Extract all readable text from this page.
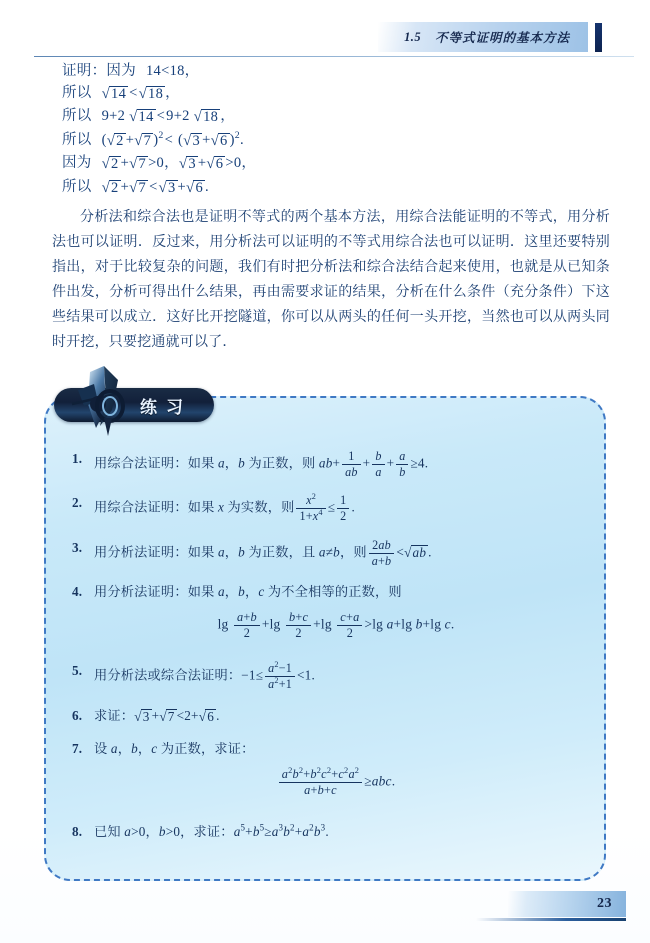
1.5 不等式证明的基本方法
证明：因为 14<18，
所以 √ 14 < √ 18 ，
所以 9+2 √ 14 <9+2 √ 18 ，
所以 ( √ 2 + √ 7 )$^2$< ( √ 3 + √ 6 )$^2$.
因为 √ 2 + √ 7 >0， √ 3 + √ 6 >0，
所以 √ 2 + √ 7 < √ 3 + √ 6 .

分析法和综合法也是证明不等式的两个基本方法，用综合法能证明的不等式，用分析法也可以证明．反过来，用分析法可以证明的不等式用综合法也可以证明．这里还要特别指出，对于比较复杂的问题，我们有时把分析法和综合法结合起来使用，也就是从已知条件出发，分析可得出什么结果，再由需要求证的结果，分析在什么条件（充分条件）下这些结果可以成立．这好比开挖隧道，你可以从两头的任何一头开挖，当然也可以从两头同时开挖，只要挖通就可以了．

练习
1. 用综合法证明：如果 a，b 为正数，则 $ab+ \frac{1}{ab} + \frac{b}{a} + \frac{a}{b} \ge 4$.
2. 用综合法证明：如果 x 为实数，则 $\frac{x^2}{1+x^4} \le \frac{1}{2}$ .
3. 用分析法证明：如果 a，b 为正数，且 a≠b，则 $\frac{2ab}{a+b}$ < √ ab .
4. 用分析法证明：如果 a，b，c 为不全相等的正数，则
$\lg \frac{a+b}{2} +\lg \frac{b+c}{2} +\lg \frac{c+a}{2} >\lg$ a+lg b+lg c.
5. 用分析法或综合法证明：$-1\le \frac{a^2-1}{a^2+1} <1$.
6. 求证： √ 3 + √ 7 <2+ √ 6 .
7. 设 a，b，c 为正数，求证：
$\frac{a^2b^2+b^2c^2+c^2a^2}{a+b+c} \ge abc$.
8. 已知 a>0，b>0，求证：$a^5+b^5\ge a^3b^2+a^2b^3$.
23
